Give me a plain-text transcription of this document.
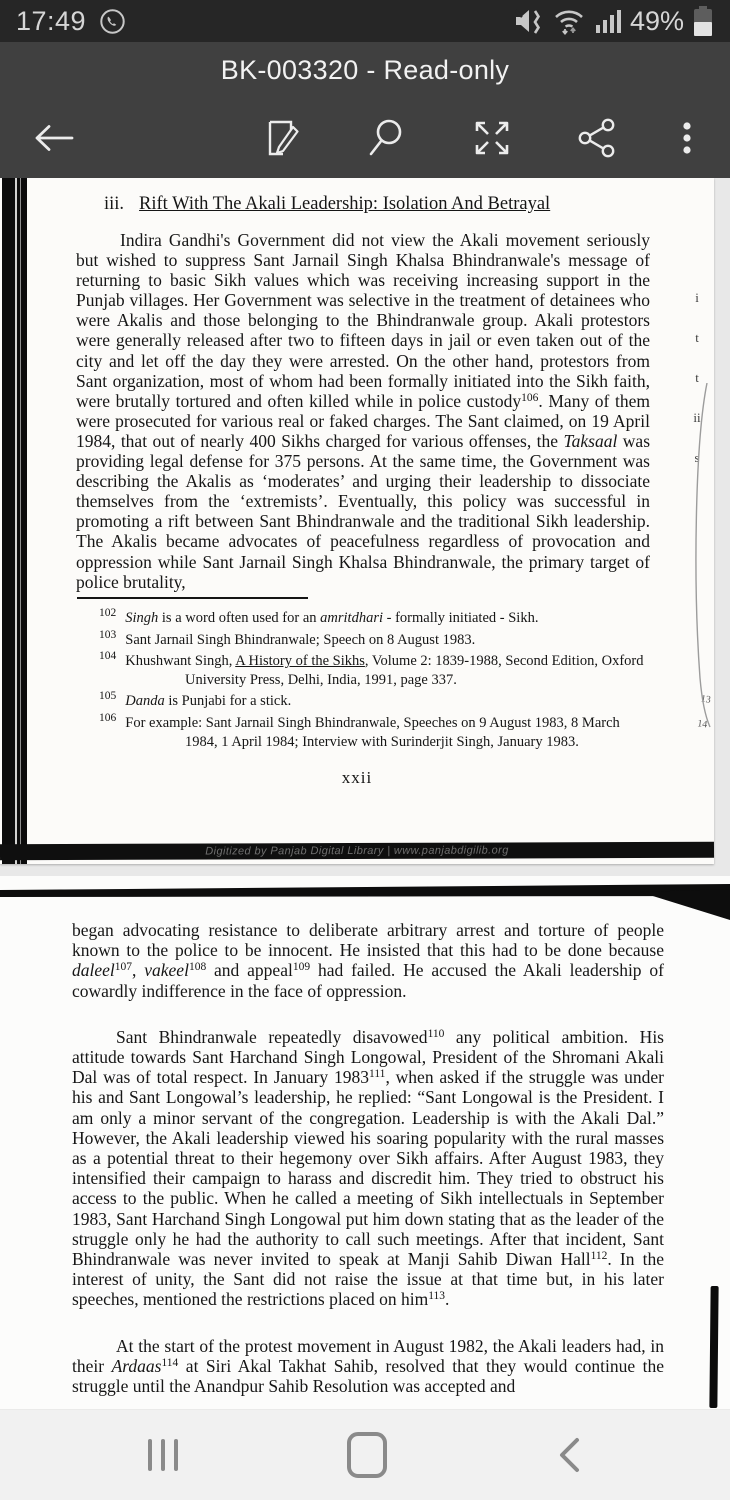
17:49	49%
BK-003320 - Read-only
iii. Rift With The Akali Leadership: Isolation And Betrayal
Indira Gandhi's Government did not view the Akali movement seriously but wished to suppress Sant Jarnail Singh Khalsa Bhindranwale's message of returning to basic Sikh values which was receiving increasing support in the Punjab villages. Her Government was selective in the treatment of detainees who were Akalis and those belonging to the Bhindranwale group. Akali protestors were generally released after two to fifteen days in jail or even taken out of the city and let off the day they were arrested. On the other hand, protestors from Sant organization, most of whom had been formally initiated into the Sikh faith, were brutally tortured and often killed while in police custody$^{106}$. Many of them were prosecuted for various real or faked charges. The Sant claimed, on 19 April 1984, that out of nearly 400 Sikhs charged for various offenses, the Taksaal was providing legal defense for 375 persons. At the same time, the Government was describing the Akalis as ‘moderates’ and urging their leadership to dissociate themselves from the ‘extremists’. Eventually, this policy was successful in promoting a rift between Sant Bhindranwale and the traditional Sikh leadership. The Akalis became advocates of peacefulness regardless of provocation and oppression while Sant Jarnail Singh Khalsa Bhindranwale, the primary target of police brutality,
$^{102}$ Singh is a word often used for an amritdhari - formally initiated - Sikh.
$^{103}$ Sant Jarnail Singh Bhindranwale; Speech on 8 August 1983.
$^{104}$ Khushwant Singh, A History of the Sikhs, Volume 2: 1839-1988, Second Edition, Oxford University Press, Delhi, India, 1991, page 337.
$^{105}$ Danda is Punjabi for a stick.
$^{106}$ For example: Sant Jarnail Singh Bhindranwale, Speeches on 9 August 1983, 8 March 1984, 1 April 1984; Interview with Surinderjit Singh, January 1983.
xxii
i
t
t
ii
s
13
14
Digitized by Panjab Digital Library | www.panjabdigilib.org

began advocating resistance to deliberate arbitrary arrest and torture of people known to the police to be innocent. He insisted that this had to be done because daleel$^{107}$, vakeel$^{108}$ and appeal$^{109}$ had failed. He accused the Akali leadership of cowardly indifference in the face of oppression.

Sant Bhindranwale repeatedly disavowed$^{110}$ any political ambition. His attitude towards Sant Harchand Singh Longowal, President of the Shromani Akali Dal was of total respect. In January 1983$^{111}$, when asked if the struggle was under his and Sant Longowal’s leadership, he replied: “Sant Longowal is the President. I am only a minor servant of the congregation. Leadership is with the Akali Dal.” However, the Akali leadership viewed his soaring popularity with the rural masses as a potential threat to their hegemony over Sikh affairs. After August 1983, they intensified their campaign to harass and discredit him. They tried to obstruct his access to the public. When he called a meeting of Sikh intellectuals in September 1983, Sant Harchand Singh Longowal put him down stating that as the leader of the struggle only he had the authority to call such meetings. After that incident, Sant Bhindranwale was never invited to speak at Manji Sahib Diwan Hall$^{112}$. In the interest of unity, the Sant did not raise the issue at that time but, in his later speeches, mentioned the restrictions placed on him$^{113}$.

At the start of the protest movement in August 1982, the Akali leaders had, in their Ardaas$^{114}$ at Siri Akal Takhat Sahib, resolved that they would continue the struggle until the Anandpur Sahib Resolution was accepted and
